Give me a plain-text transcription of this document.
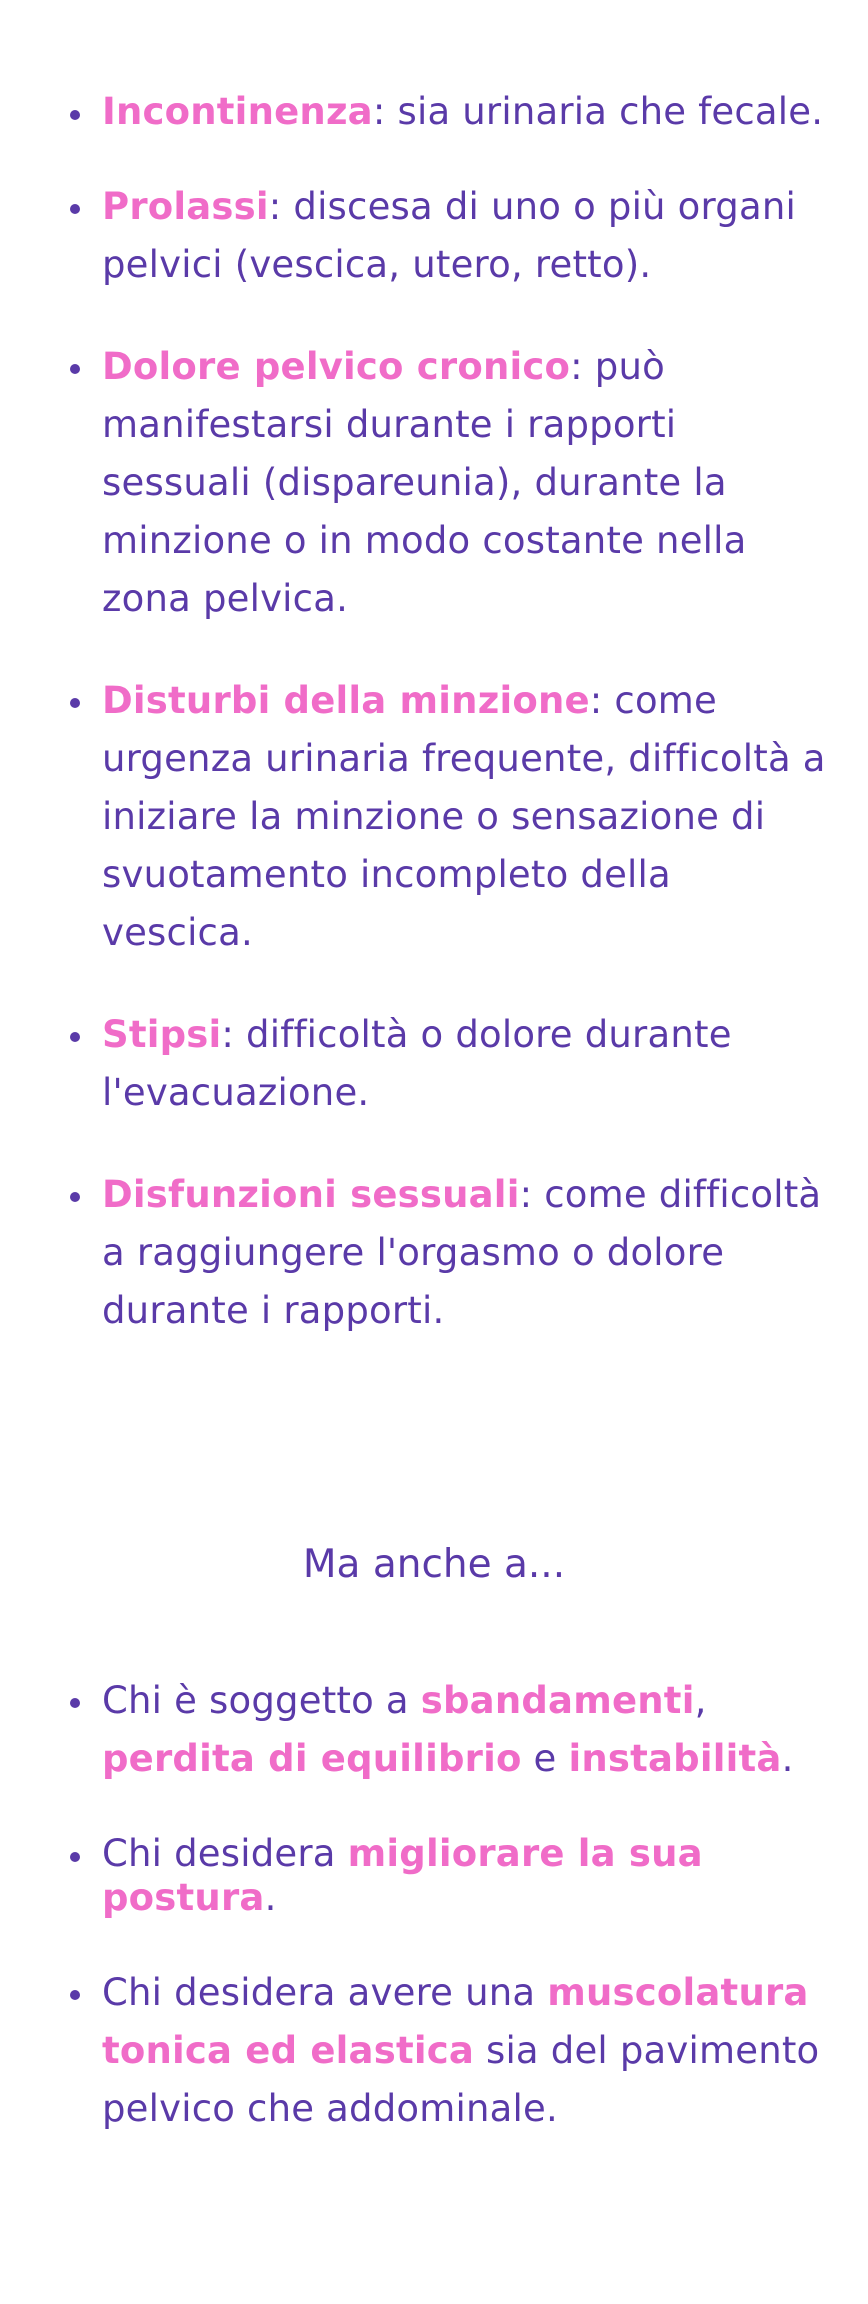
Incontinenza: sia urinaria che fecale.
Prolassi: discesa di uno o più organi pelvici (vescica, utero, retto).
Dolore pelvico cronico: può manifestarsi durante i rapporti sessuali (dispareunia), durante la minzione o in modo costante nella zona pelvica.
Disturbi della minzione: come urgenza urinaria frequente, difficoltà a iniziare la minzione o sensazione di svuotamento incompleto della vescica.
Stipsi: difficoltà o dolore durante l'evacuazione.
Disfunzioni sessuali: come difficoltà a raggiungere l'orgasmo o dolore durante i rapporti.
Ma anche a...
Chi è soggetto a sbandamenti, perdita di equilibrio e instabilità.
Chi desidera migliorare la sua postura.
Chi desidera avere una muscolatura tonica ed elastica sia del pavimento pelvico che addominale.
